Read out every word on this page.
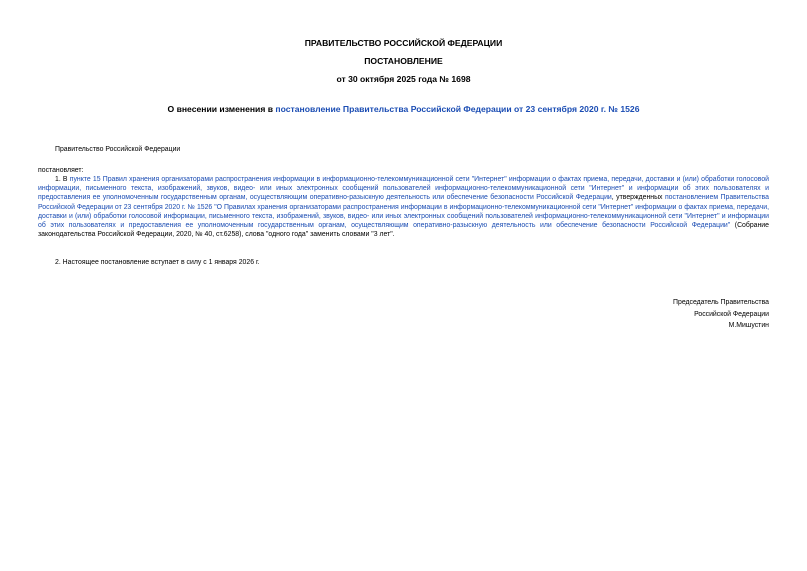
ПРАВИТЕЛЬСТВО РОССИЙСКОЙ ФЕДЕРАЦИИ
ПОСТАНОВЛЕНИЕ
от 30 октября 2025 года № 1698
О внесении изменения в постановление Правительства Российской Федерации от 23 сентября 2020 г. № 1526
Правительство Российской Федерации
постановляет:
1. В пункте 15 Правил хранения организаторами распространения информации в информационно-телекоммуникационной сети "Интернет" информации о фактах приема, передачи, доставки и (или) обработки голосовой информации, письменного текста, изображений, звуков, видео- или иных электронных сообщений пользователей информационно-телекоммуникационной сети "Интернет" и информации об этих пользователях и предоставления ее уполномоченным государственным органам, осуществляющим оперативно-разыскную деятельность или обеспечение безопасности Российской Федерации, утвержденных постановлением Правительства Российской Федерации от 23 сентября 2020 г. № 1526 "О Правилах хранения организаторами распространения информации в информационно-телекоммуникационной сети "Интернет" информации о фактах приема, передачи, доставки и (или) обработки голосовой информации, письменного текста, изображений, звуков, видео- или иных электронных сообщений пользователей информационно-телекоммуникационной сети "Интернет" и информации об этих пользователях и предоставления ее уполномоченным государственным органам, осуществляющим оперативно-разыскную деятельность или обеспечение безопасности Российской Федерации" (Собрание законодательства Российской Федерации, 2020, № 40, ст.6258), слова "одного года" заменить словами "3 лет".
2. Настоящее постановление вступает в силу с 1 января 2026 г.
Председатель Правительства
Российской Федерации
М.Мишустин
